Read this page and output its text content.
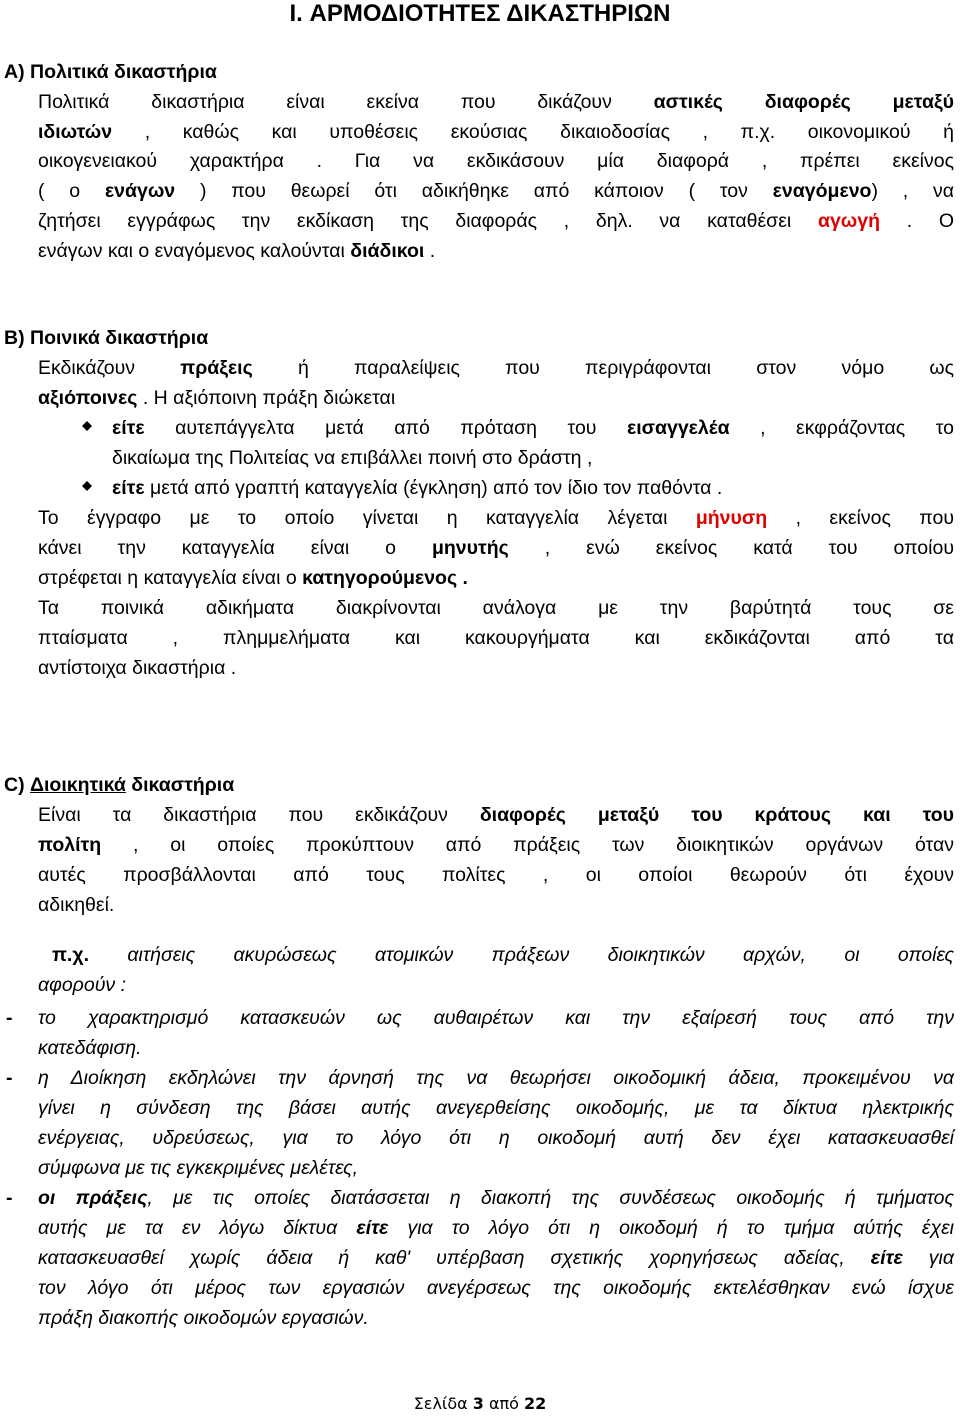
I. ΑΡΜΟΔΙΟΤΗΤΕΣ ΔΙΚΑΣΤΗΡΙΩΝ
A) Πολιτικά δικαστήρια
Πολιτικά δικαστήρια είναι εκείνα που δικάζουν αστικές διαφορές μεταξύ
ιδιωτών , καθώς και υποθέσεις εκούσιας δικαιοδοσίας , π.χ. οικονομικού ή
οικογενειακού χαρακτήρα . Για να εκδικάσουν μία διαφορά , πρέπει εκείνος
( ο ενάγων ) που θεωρεί ότι αδικήθηκε από κάποιον ( τον εναγόμενο) , να
ζητήσει εγγράφως την εκδίκαση της διαφοράς , δηλ. να καταθέσει αγωγή . Ο
ενάγων και ο εναγόμενος καλούνται διάδικοι .
B) Ποινικά δικαστήρια
Εκδικάζουν πράξεις ή παραλείψεις που περιγράφονται στον νόμο ως
αξιόποινες . Η αξιόποινη πράξη διώκεται
είτε αυτεπάγγελτα μετά από πρόταση του εισαγγελέα , εκφράζοντας το
δικαίωμα της Πολιτείας να επιβάλλει ποινή στο δράστη ,
είτε μετά από γραπτή καταγγελία (έγκληση) από τον ίδιο τον παθόντα .
Το έγγραφο με το οποίο γίνεται η καταγγελία λέγεται μήνυση , εκείνος που
κάνει την καταγγελία είναι ο μηνυτής , ενώ εκείνος κατά του οποίου
στρέφεται η καταγγελία είναι ο κατηγορούμενος .
Τα ποινικά αδικήματα διακρίνονται ανάλογα με την βαρύτητά τους σε
πταίσματα , πλημμελήματα και κακουργήματα και εκδικάζονται από τα
αντίστοιχα δικαστήρια .
C) Διοικητικά δικαστήρια
Είναι τα δικαστήρια που εκδικάζουν διαφορές μεταξύ του κράτους και του
πολίτη , οι οποίες προκύπτουν από πράξεις των διοικητικών οργάνων όταν
αυτές προσβάλλονται από τους πολίτες , οι οποίοι θεωρούν ότι έχουν
αδικηθεί.
π.χ. αιτήσεις ακυρώσεως ατομικών πράξεων διοικητικών αρχών, οι οποίες
αφορούν :
-	το χαρακτηρισμό κατασκευών ως αυθαιρέτων και την εξαίρεσή τους από την
κατεδάφιση.
-	η Διοίκηση εκδηλώνει την άρνησή της να θεωρήσει οικοδομική άδεια, προκειμένου να
γίνει η σύνδεση της βάσει αυτής ανεγερθείσης οικοδομής, με τα δίκτυα ηλεκτρικής
ενέργειας, υδρεύσεως, για το λόγο ότι η οικοδομή αυτή δεν έχει κατασκευασθεί
σύμφωνα με τις εγκεκριμένες μελέτες,
-	οι πράξεις, με τις οποίες διατάσσεται η διακοπή της συνδέσεως οικοδομής ή τμήματος
αυτής με τα εν λόγω δίκτυα είτε για το λόγο ότι η οικοδομή ή το τμήμα αύτής έχει
κατασκευασθεί χωρίς άδεια ή καθ' υπέρβαση σχετικής χορηγήσεως αδείας, είτε για
τον λόγο ότι μέρος των εργασιών ανεγέρσεως της οικοδομής εκτελέσθηκαν ενώ ίσχυε
πράξη διακοπής οικοδομών εργασιών.
Σελίδα 3 από 22
